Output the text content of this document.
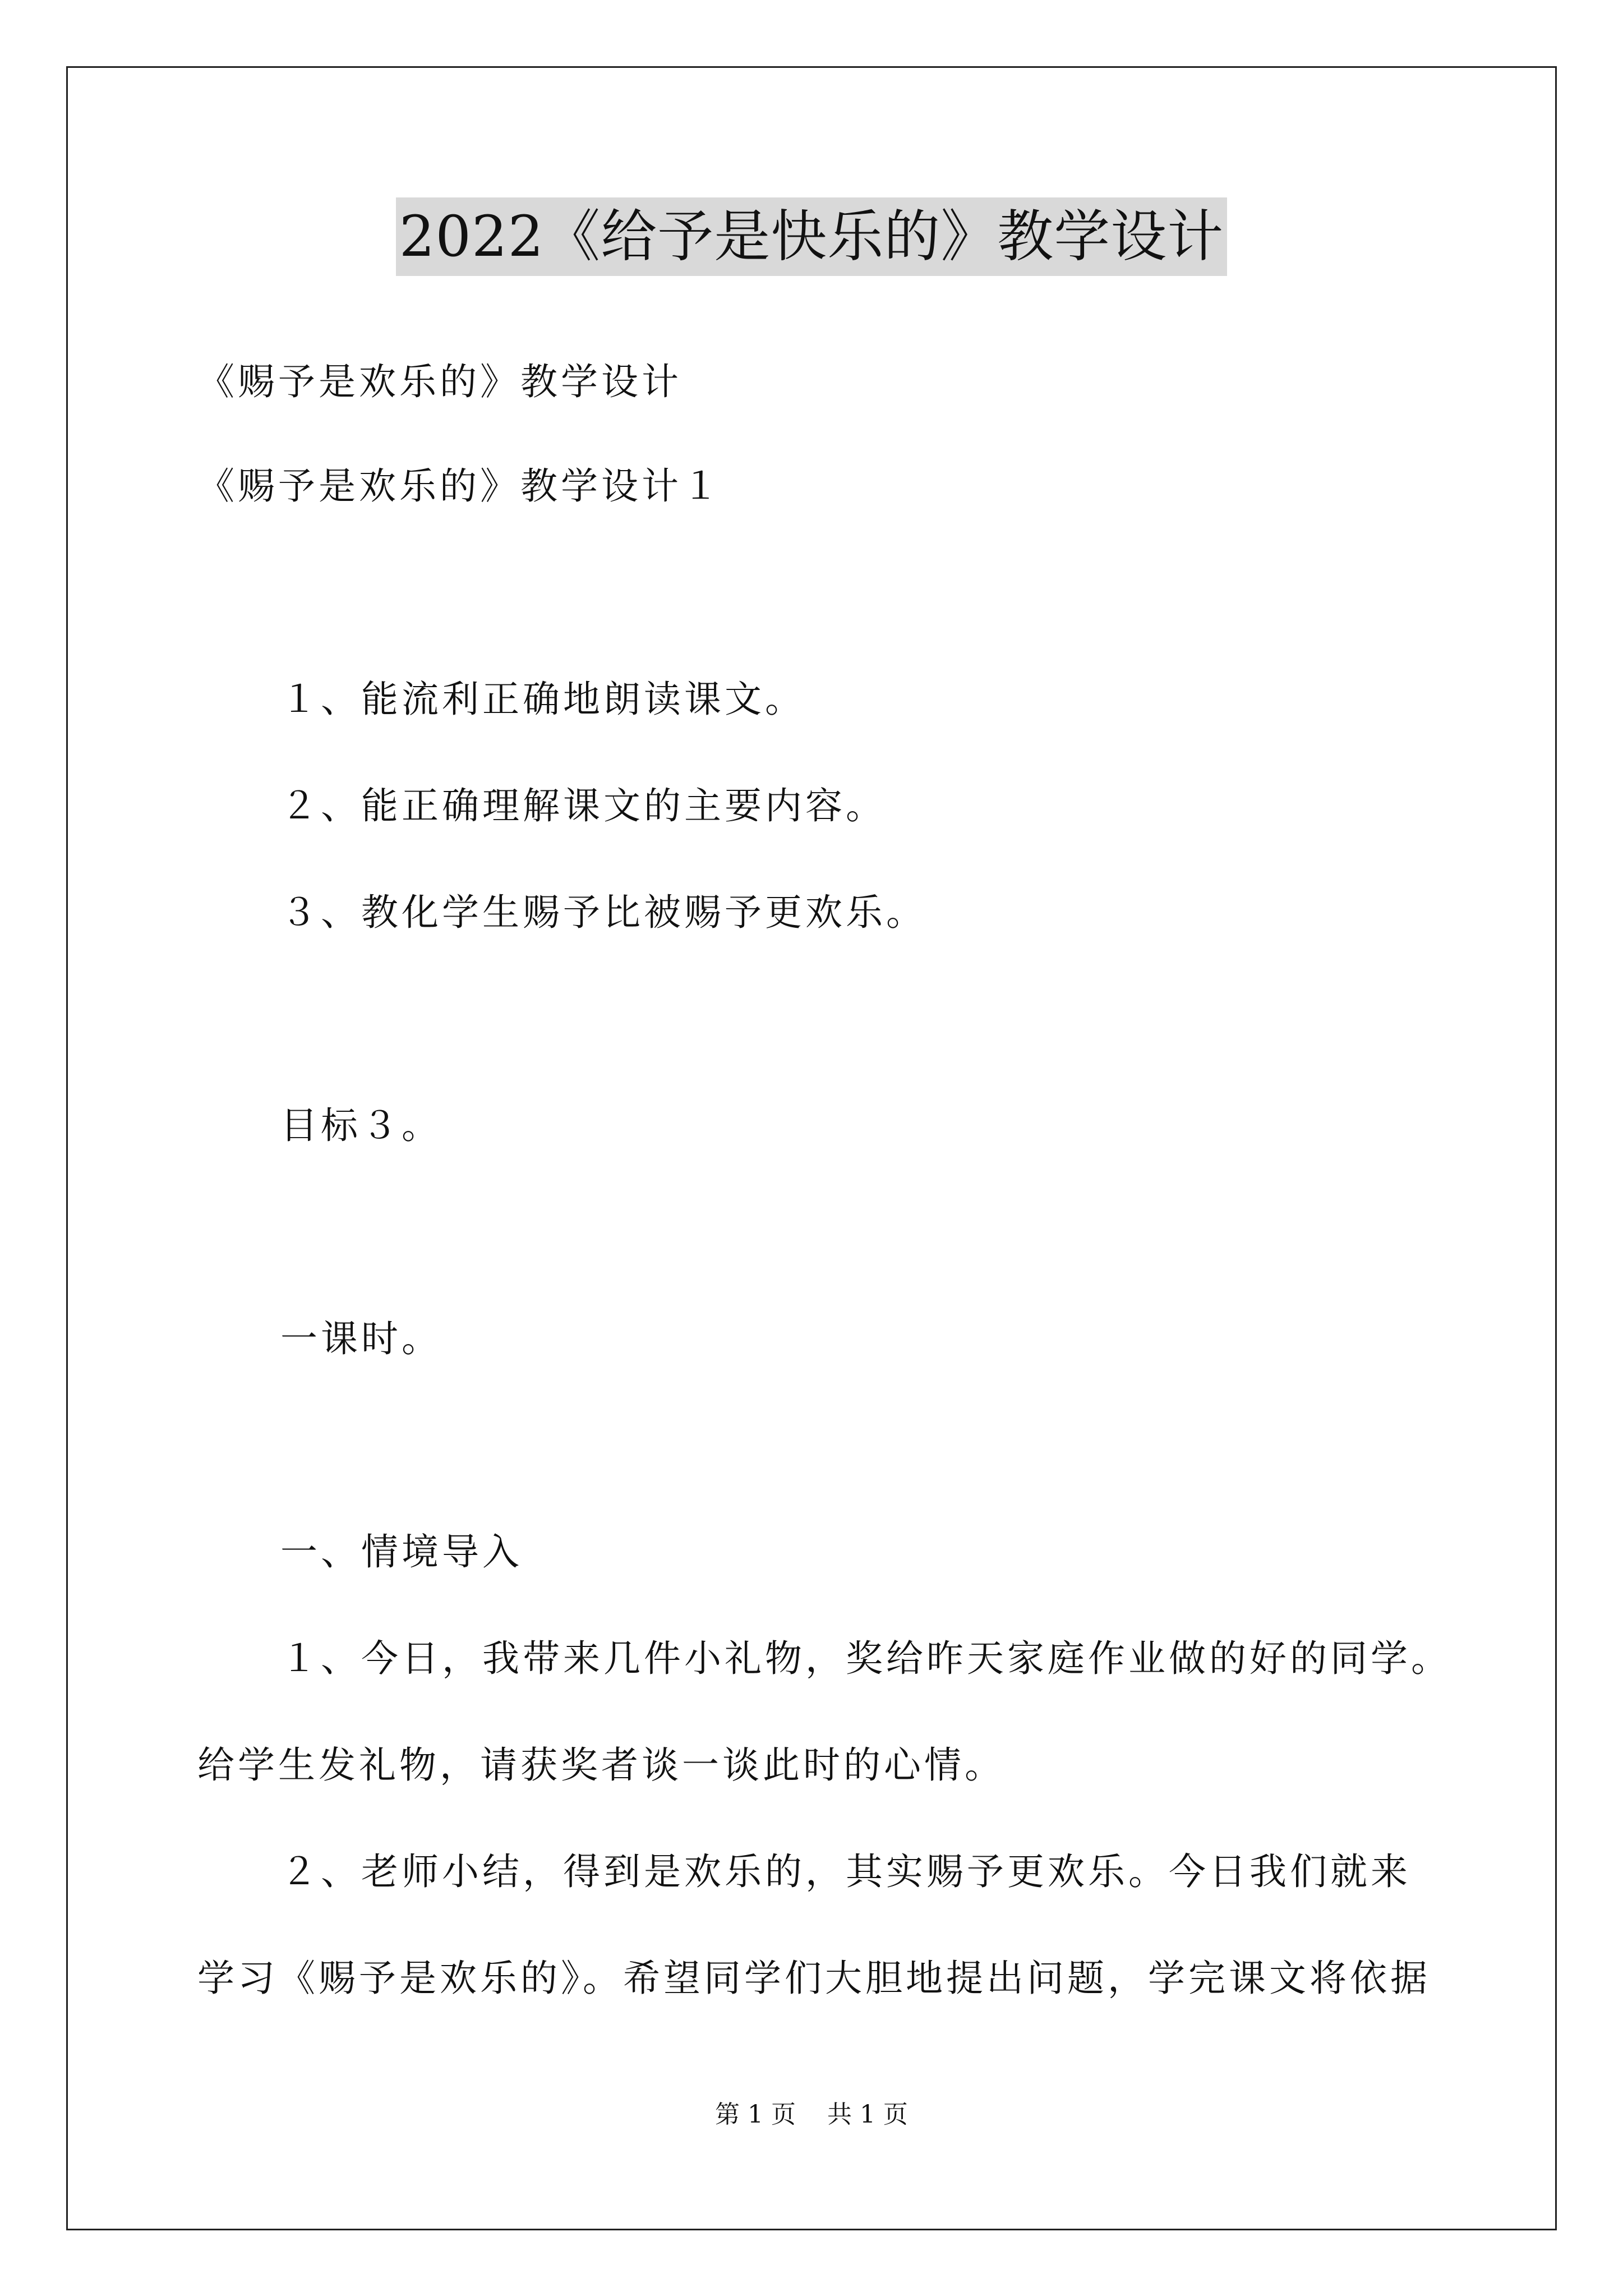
2022《给予是快乐的》教学设计
《赐予是欢乐的》教学设计
《赐予是欢乐的》教学设计１
１、能流利正确地朗读课文。
２、能正确理解课文的主要内容。
３、教化学生赐予比被赐予更欢乐。
目标３。
一课时。
一、情境导入
１、今日，我带来几件小礼物，奖给昨天家庭作业做的好的同学。
给学生发礼物，请获奖者谈一谈此时的心情。
２、老师小结，得到是欢乐的，其实赐予更欢乐。今日我们就来
学习《赐予是欢乐的》。希望同学们大胆地提出问题，学完课文将依据
第 1 页    共 1 页
